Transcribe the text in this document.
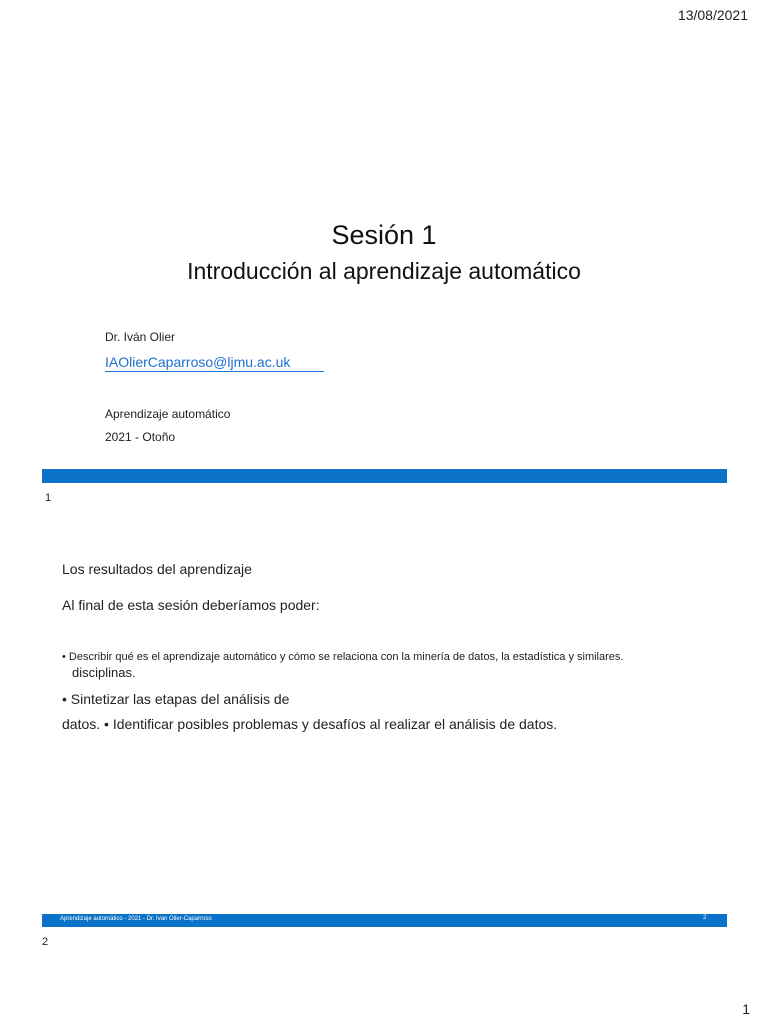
13/08/2021
Sesión 1
Introducción al aprendizaje automático
Dr. Iván Olier
IAOlierCaparroso@ljmu.ac.uk
Aprendizaje automático
2021 - Otoño
1
Los resultados del aprendizaje
Al final de esta sesión deberíamos poder:
• Describir qué es el aprendizaje automático y cómo se relaciona con la minería de datos, la estadística y similares.
disciplinas.
• Sintetizar las etapas del análisis de
datos. • Identificar posibles problemas y desafíos al realizar el análisis de datos.
Aprendizaje automático - 2021 - Dr. Ivan Olier-Caparroso	2
2
1
